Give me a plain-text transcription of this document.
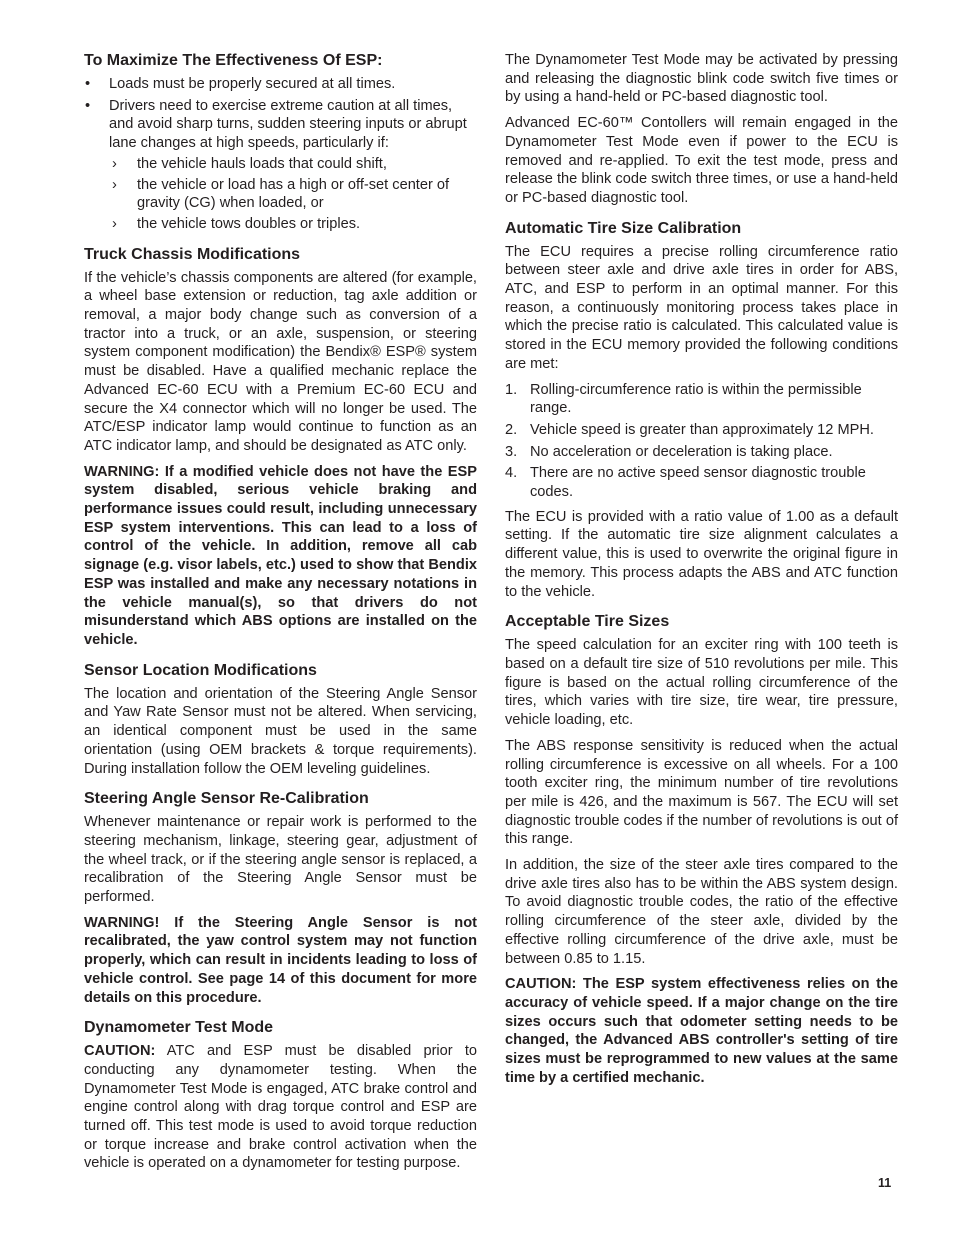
To Maximize The Effectiveness Of ESP:
• Loads must be properly secured at all times.
• Drivers need to exercise extreme caution at all times, and avoid sharp turns, sudden steering inputs or abrupt lane changes at high speeds, particularly if:
› the vehicle hauls loads that could shift,
› the vehicle or load has a high or off-set center of gravity (CG) when loaded, or
› the vehicle tows doubles or triples.
Truck Chassis Modifications

If the vehicle’s chassis components are altered (for example, a wheel base extension or reduction, tag axle addition or removal, a major body change such as conversion of a tractor into a truck, or an axle, suspension, or steering system component modification) the Bendix® ESP® system must be disabled. Have a qualified mechanic replace the Advanced EC-60 ECU with a Premium EC-60 ECU and secure the X4 connector which will no longer be used. The ATC/ESP indicator lamp would continue to function as an ATC indicator lamp, and should be designated as ATC only.

WARNING: If a modified vehicle does not have the ESP system disabled, serious vehicle braking and performance issues could result, including unnecessary ESP system interventions. This can lead to a loss of control of the vehicle. In addition, remove all cab signage (e.g. visor labels, etc.) used to show that Bendix ESP was installed and make any necessary notations in the vehicle manual(s), so that drivers do not misunderstand which ABS options are installed on the vehicle.

Sensor Location Modifications

The location and orientation of the Steering Angle Sensor and Yaw Rate Sensor must not be altered. When servicing, an identical component must be used in the same orientation (using OEM brackets & torque requirements). During installation follow the OEM leveling guidelines.

Steering Angle Sensor Re-Calibration

Whenever maintenance or repair work is performed to the steering mechanism, linkage, steering gear, adjustment of the wheel track, or if the steering angle sensor is replaced, a recalibration of the Steering Angle Sensor must be performed.

WARNING! If the Steering Angle Sensor is not recalibrated, the yaw control system may not function properly, which can result in incidents leading to loss of vehicle control. See page 14 of this document for more details on this procedure.

Dynamometer Test Mode

CAUTION: ATC and ESP must be disabled prior to conducting any dynamometer testing. When the Dynamometer Test Mode is engaged, ATC brake control and engine control along with drag torque control and ESP are turned off. This test mode is used to avoid torque reduction or torque increase and brake control activation when the vehicle is operated on a dynamometer for testing purpose.

The Dynamometer Test Mode may be activated by pressing and releasing the diagnostic blink code switch five times or by using a hand-held or PC-based diagnostic tool.

Advanced EC-60™ Contollers will remain engaged in the Dynamometer Test Mode even if power to the ECU is removed and re-applied. To exit the test mode, press and release the blink code switch three times, or use a hand-held or PC-based diagnostic tool.

Automatic Tire Size Calibration

The ECU requires a precise rolling circumference ratio between steer axle and drive axle tires in order for ABS, ATC, and ESP to perform in an optimal manner. For this reason, a continuously monitoring process takes place in which the precise ratio is calculated. This calculated value is stored in the ECU memory provided the following conditions are met:

1. Rolling-circumference ratio is within the permissible range.
2. Vehicle speed is greater than approximately 12 MPH.
3. No acceleration or deceleration is taking place.
4. There are no active speed sensor diagnostic trouble codes.

The ECU is provided with a ratio value of 1.00 as a default setting. If the automatic tire size alignment calculates a different value, this is used to overwrite the original figure in the memory. This process adapts the ABS and ATC function to the vehicle.

Acceptable Tire Sizes

The speed calculation for an exciter ring with 100 teeth is based on a default tire size of 510 revolutions per mile. This figure is based on the actual rolling circumference of the tires, which varies with tire size, tire wear, tire pressure, vehicle loading, etc.

The ABS response sensitivity is reduced when the actual rolling circumference is excessive on all wheels. For a 100 tooth exciter ring, the minimum number of tire revolutions per mile is 426, and the maximum is 567. The ECU will set diagnostic trouble codes if the number of revolutions is out of this range.

In addition, the size of the steer axle tires compared to the drive axle tires also has to be within the ABS system design. To avoid diagnostic trouble codes, the ratio of the effective rolling circumference of the steer axle, divided by the effective rolling circumference of the drive axle, must be between 0.85 to 1.15.

CAUTION: The ESP system effectiveness relies on the accuracy of vehicle speed. If a major change on the tire sizes occurs such that odometer setting needs to be changed, the Advanced ABS controller's setting of tire sizes must be reprogrammed to new values at the same time by a certified mechanic.

11
